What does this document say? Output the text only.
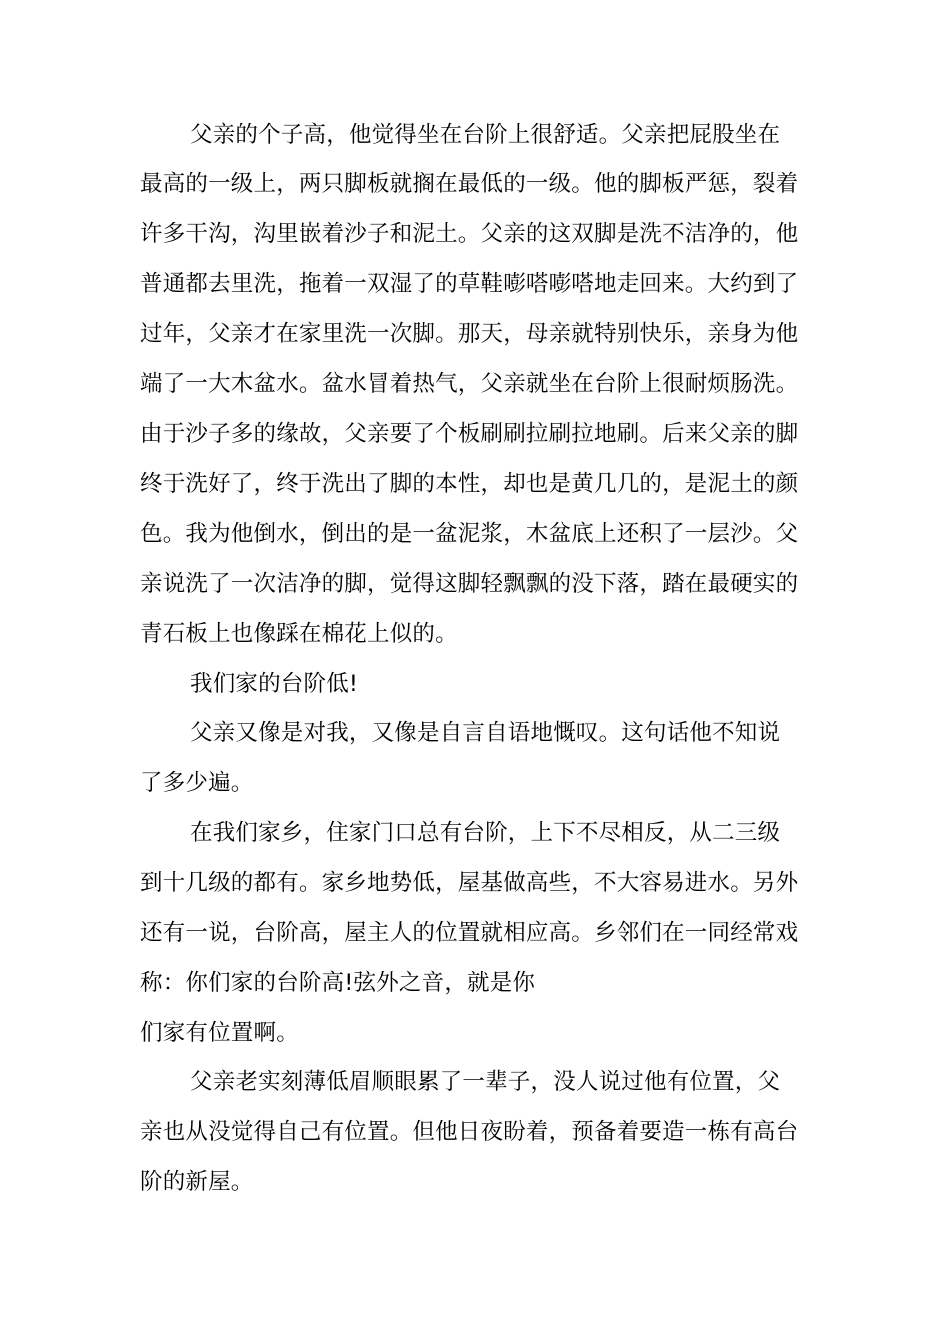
父亲的个子高，他觉得坐在台阶上很舒适。父亲把屁股坐在
最高的一级上，两只脚板就搁在最低的一级。他的脚板严惩，裂着
许多干沟，沟里嵌着沙子和泥土。父亲的这双脚是洗不洁净的，他
普通都去里洗，拖着一双湿了的草鞋嘭嗒嘭嗒地走回来。大约到了
过年，父亲才在家里洗一次脚。那天，母亲就特别快乐，亲身为他
端了一大木盆水。盆水冒着热气，父亲就坐在台阶上很耐烦肠洗。
由于沙子多的缘故，父亲要了个板刷刷拉刷拉地刷。后来父亲的脚
终于洗好了，终于洗出了脚的本性，却也是黄几几的，是泥土的颜
色。我为他倒水，倒出的是一盆泥浆，木盆底上还积了一层沙。父
亲说洗了一次洁净的脚，觉得这脚轻飘飘的没下落，踏在最硬实的
青石板上也像踩在棉花上似的。
我们家的台阶低!
父亲又像是对我，又像是自言自语地慨叹。这句话他不知说
了多少遍。
在我们家乡，住家门口总有台阶，上下不尽相反，从二三级
到十几级的都有。家乡地势低，屋基做高些，不大容易进水。另外
还有一说，台阶高，屋主人的位置就相应高。乡邻们在一同经常戏
称：你们家的台阶高!弦外之音，就是你
们家有位置啊。
父亲老实刻薄低眉顺眼累了一辈子，没人说过他有位置，父
亲也从没觉得自己有位置。但他日夜盼着，预备着要造一栋有高台
阶的新屋。
